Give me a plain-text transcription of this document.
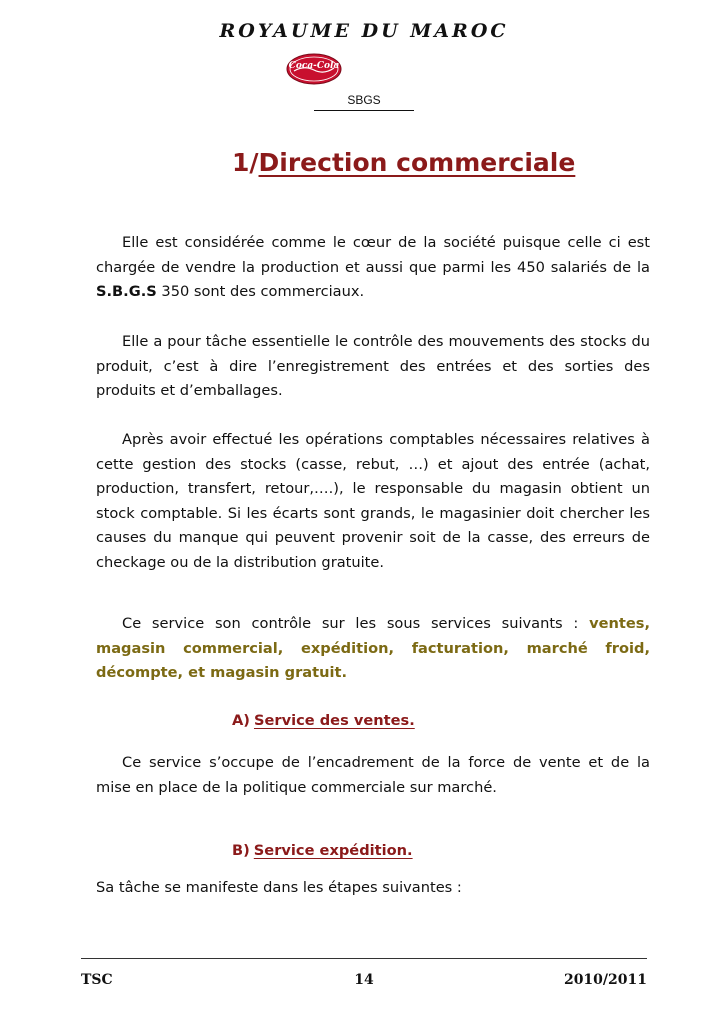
ROYAUME DU MAROC
Coca-Cola
SBGS
1/Direction commerciale

Elle est considérée comme le cœur de la société puisque celle ci est chargée de vendre la production et aussi que parmi les 450 salariés de la S.B.G.S 350 sont des commerciaux.

Elle a pour tâche essentielle le contrôle des mouvements des stocks du produit, c’est à dire l’enregistrement des entrées et des sorties des produits et d’emballages.

Après avoir effectué les opérations comptables nécessaires relatives à cette gestion des stocks (casse, rebut, …) et ajout des entrée (achat, production, transfert, retour,….), le responsable du magasin obtient un stock comptable. Si les écarts sont grands, le magasinier doit chercher les causes du manque qui peuvent provenir soit de la casse, des erreurs de checkage ou de la distribution gratuite.

Ce service son contrôle sur les sous services suivants : ventes, magasin commercial, expédition, facturation, marché froid, décompte, et magasin gratuit.

A) Service des ventes.

Ce service s’occupe de l’encadrement de la force de vente et de la mise en place de la politique commerciale sur marché.

B) Service expédition.

Sa tâche se manifeste dans les étapes suivantes :

TSC	14	2010/2011
